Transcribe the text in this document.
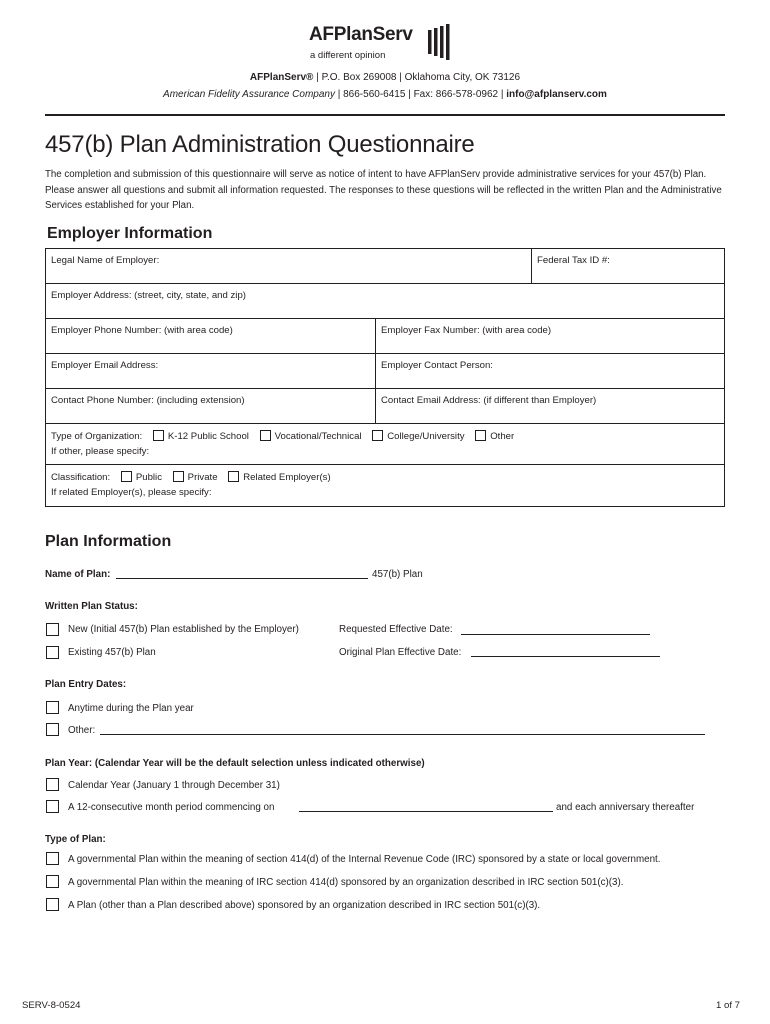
AFPlanServ
a different opinion
AFPlanServ® | P.O. Box 269008 | Oklahoma City, OK 73126
American Fidelity Assurance Company | 866-560-6415 | Fax: 866-578-0962 | info@afplanserv.com
457(b) Plan Administration Questionnaire
The completion and submission of this questionnaire will serve as notice of intent to have AFPlanServ provide administrative services for your 457(b) Plan. Please answer all questions and submit all information requested. The responses to these questions will be reflected in the written Plan and the Administrative Services established for your Plan.
Employer Information
Legal Name of Employer:	Federal Tax ID #:
Employer Address: (street, city, state, and zip)
Employer Phone Number: (with area code)	Employer Fax Number: (with area code)
Employer Email Address:	Employer Contact Person:
Contact Phone Number: (including extension)	Contact Email Address: (if different than Employer)
Type of Organization:	K-12 Public School	Vocational/Technical	College/University	Other
If other, please specify:
Classification:	Public	Private	Related Employer(s)
If related Employer(s), please specify:
Plan Information
Name of Plan:	457(b) Plan
Written Plan Status:
New (Initial 457(b) Plan established by the Employer)	Requested Effective Date:
Existing 457(b) Plan	Original Plan Effective Date:
Plan Entry Dates:
Anytime during the Plan year
Other:
Plan Year: (Calendar Year will be the default selection unless indicated otherwise)
Calendar Year (January 1 through December 31)
A 12-consecutive month period commencing on	and each anniversary thereafter
Type of Plan:
A governmental Plan within the meaning of section 414(d) of the Internal Revenue Code (IRC) sponsored by a state or local government.
A governmental Plan within the meaning of IRC section 414(d) sponsored by an organization described in IRC section 501(c)(3).
A Plan (other than a Plan described above) sponsored by an organization described in IRC section 501(c)(3).
SERV-8-0524	1 of 7
